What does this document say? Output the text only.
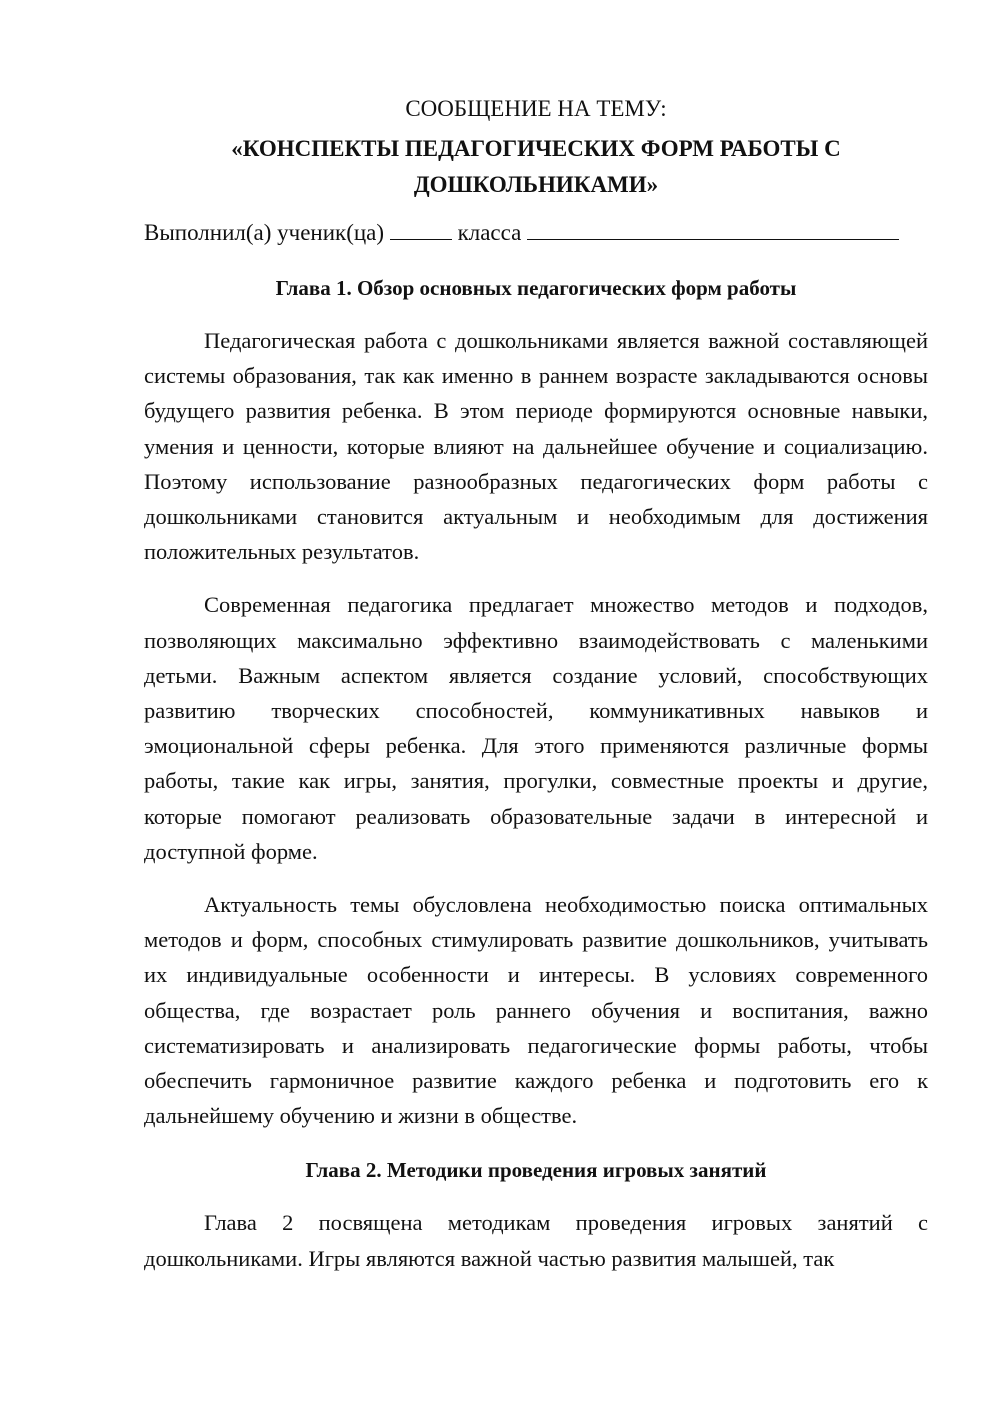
СООБЩЕНИЕ НА ТЕМУ:

«КОНСПЕКТЫ ПЕДАГОГИЧЕСКИХ ФОРМ РАБОТЫ С ДОШКОЛЬНИКАМИ»

Выполнил(а) ученик(ца)	класса

Глава 1. Обзор основных педагогических форм работы

Педагогическая работа с дошкольниками является важной составляющей системы образования, так как именно в раннем возрасте закладываются основы будущего развития ребенка. В этом периоде формируются основные навыки, умения и ценности, которые влияют на дальнейшее обучение и социализацию. Поэтому использование разнообразных педагогических форм работы с дошкольниками становится актуальным и необходимым для достижения положительных результатов.

Современная педагогика предлагает множество методов и подходов, позволяющих максимально эффективно взаимодействовать с маленькими детьми. Важным аспектом является создание условий, способствующих развитию творческих способностей, коммуникативных навыков и эмоциональной сферы ребенка. Для этого применяются различные формы работы, такие как игры, занятия, прогулки, совместные проекты и другие, которые помогают реализовать образовательные задачи в интересной и доступной форме.

Актуальность темы обусловлена необходимостью поиска оптимальных методов и форм, способных стимулировать развитие дошкольников, учитывать их индивидуальные особенности и интересы. В условиях современного общества, где возрастает роль раннего обучения и воспитания, важно систематизировать и анализировать педагогические формы работы, чтобы обеспечить гармоничное развитие каждого ребенка и подготовить его к дальнейшему обучению и жизни в обществе.

Глава 2. Методики проведения игровых занятий

Глава 2 посвящена методикам проведения игровых занятий с дошкольниками. Игры являются важной частью развития малышей, так
